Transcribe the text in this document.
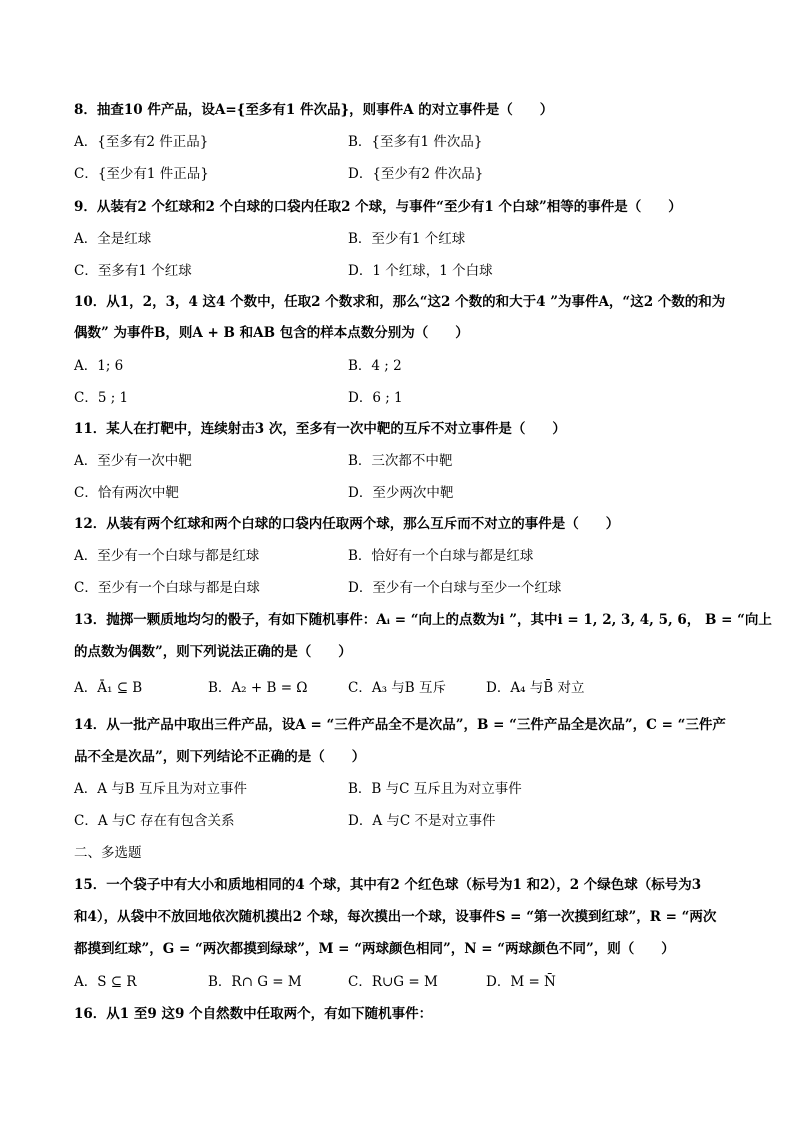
8．抽查10 件产品，设A={至多有1 件次品}，则事件A 的对立事件是（　　）
A．{至多有2 件正品}	B．{至多有1 件次品}
C．{至少有1 件正品}	D．{至少有2 件次品}
9．从装有2 个红球和2 个白球的口袋内任取2 个球，与事件“至少有1 个白球”相等的事件是（　　）
A．全是红球	B．至少有1 个红球
C．至多有1 个红球	D．1 个红球，1 个白球
10．从1，2，3，4 这4 个数中，任取2 个数求和，那么“这2 个数的和大于4 ”为事件A，“这2 个数的和为
偶数” 为事件B，则A + B 和AB 包含的样本点数分别为（　　）
A．1; 6	B．4 ; 2
C．5 ; 1	D．6 ; 1
11．某人在打靶中，连续射击3 次，至多有一次中靶的互斥不对立事件是（　　）
A．至少有一次中靶	B．三次都不中靶
C．恰有两次中靶	D．至少两次中靶
12．从装有两个红球和两个白球的口袋内任取两个球，那么互斥而不对立的事件是（　　）
A．至少有一个白球与都是红球	B．恰好有一个白球与都是红球
C．至少有一个白球与都是白球	D．至少有一个白球与至少一个红球
13．抛掷一颗质地均匀的骰子，有如下随机事件：Aᵢ = “向上的点数为i ”，其中i = 1, 2, 3, 4, 5, 6， B = “向上
的点数为偶数”，则下列说法正确的是（　　）
A．Ā₁ ⊆ B	B．A₂ + B = Ω	C．A₃ 与B 互斥	D．A₄ 与B̄ 对立
14．从一批产品中取出三件产品，设A = “三件产品全不是次品”，B = “三件产品全是次品”，C = “三件产
品不全是次品”，则下列结论不正确的是（　　）
A．A 与B 互斥且为对立事件	B．B 与C 互斥且为对立事件
C．A 与C 存在有包含关系	D．A 与C 不是对立事件
二、多选题
15．一个袋子中有大小和质地相同的4 个球，其中有2 个红色球（标号为1 和2），2 个绿色球（标号为3
和4），从袋中不放回地依次随机摸出2 个球，每次摸出一个球，设事件S = “第一次摸到红球”，R = “两次
都摸到红球”，G = “两次都摸到绿球”，M = “两球颜色相同”，N = “两球颜色不同”，则（　　）
A．S ⊆ R	B．R∩ G = M	C．R∪G = M	D．M = N̄
16．从1 至9 这9 个自然数中任取两个，有如下随机事件：
